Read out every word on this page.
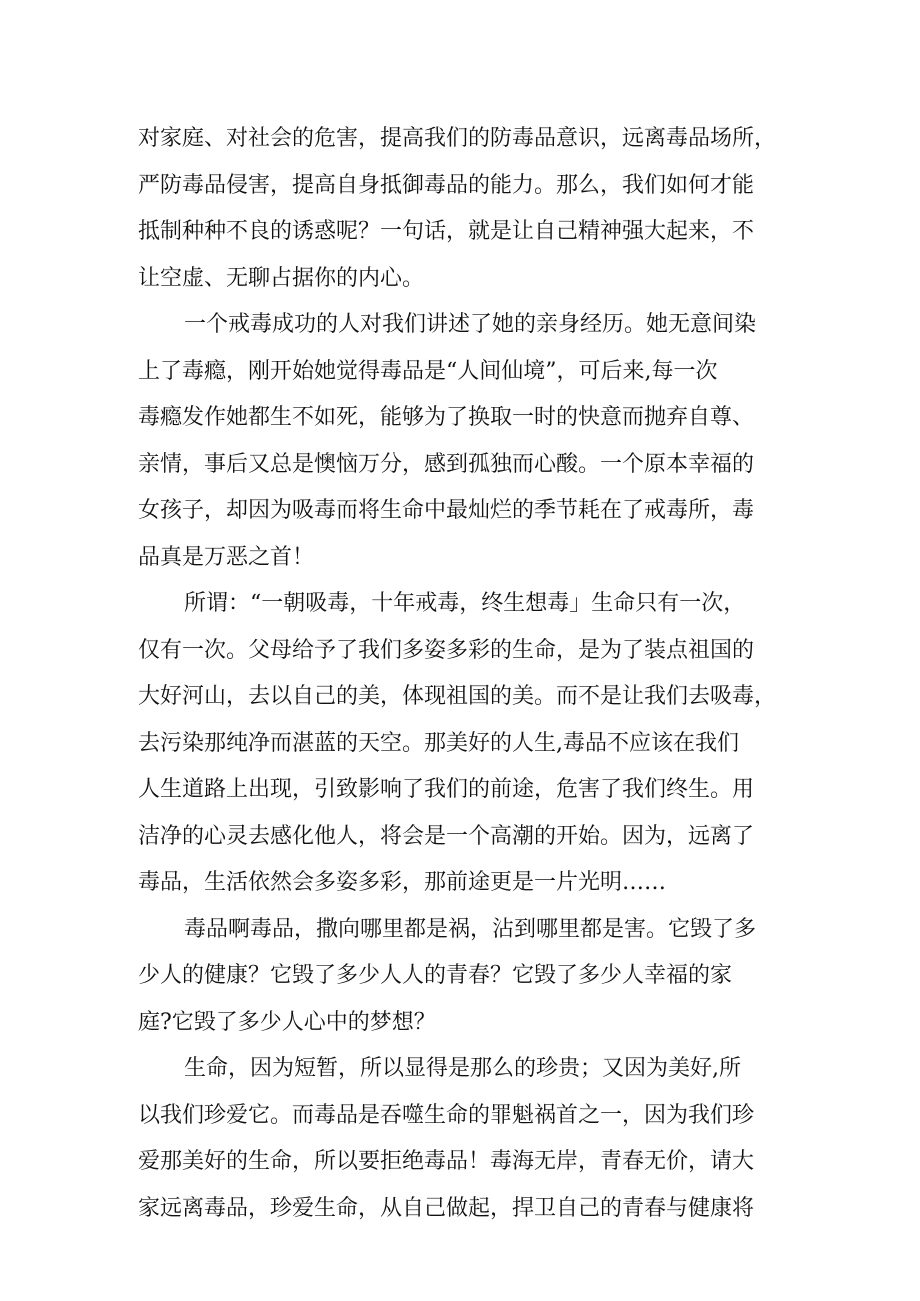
对家庭、对社会的危害，提高我们的防毒品意识，远离毒品场所，
严防毒品侵害，提高自身抵御毒品的能力。那么，我们如何才能
抵制种种不良的诱惑呢？一句话，就是让自己精神强大起来，不
让空虚、无聊占据你的内心。
一个戒毒成功的人对我们讲述了她的亲身经历。她无意间染
上了毒瘾，刚开始她觉得毒品是“人间仙境”，可后来,每一次
毒瘾发作她都生不如死，能够为了换取一时的快意而抛弃自尊、
亲情，事后又总是懊恼万分，感到孤独而心酸。一个原本幸福的
女孩子，却因为吸毒而将生命中最灿烂的季节耗在了戒毒所，毒
品真是万恶之首！
所谓：“一朝吸毒，十年戒毒，终生想毒」生命只有一次，
仅有一次。父母给予了我们多姿多彩的生命，是为了装点祖国的
大好河山，去以自己的美，体现祖国的美。而不是让我们去吸毒，
去污染那纯净而湛蓝的天空。那美好的人生,毒品不应该在我们
人生道路上出现，引致影响了我们的前途，危害了我们终生。用
洁净的心灵去感化他人，将会是一个高潮的开始。因为，远离了
毒品，生活依然会多姿多彩，那前途更是一片光明……
毒品啊毒品，撒向哪里都是祸，沾到哪里都是害。它毁了多
少人的健康？它毁了多少人人的青春？它毁了多少人幸福的家
庭?它毁了多少人心中的梦想？
生命，因为短暂，所以显得是那么的珍贵；又因为美好,所
以我们珍爱它。而毒品是吞噬生命的罪魁祸首之一，因为我们珍
爱那美好的生命，所以要拒绝毒品！毒海无岸，青春无价，请大
家远离毒品，珍爱生命，从自己做起，捍卫自己的青春与健康将
